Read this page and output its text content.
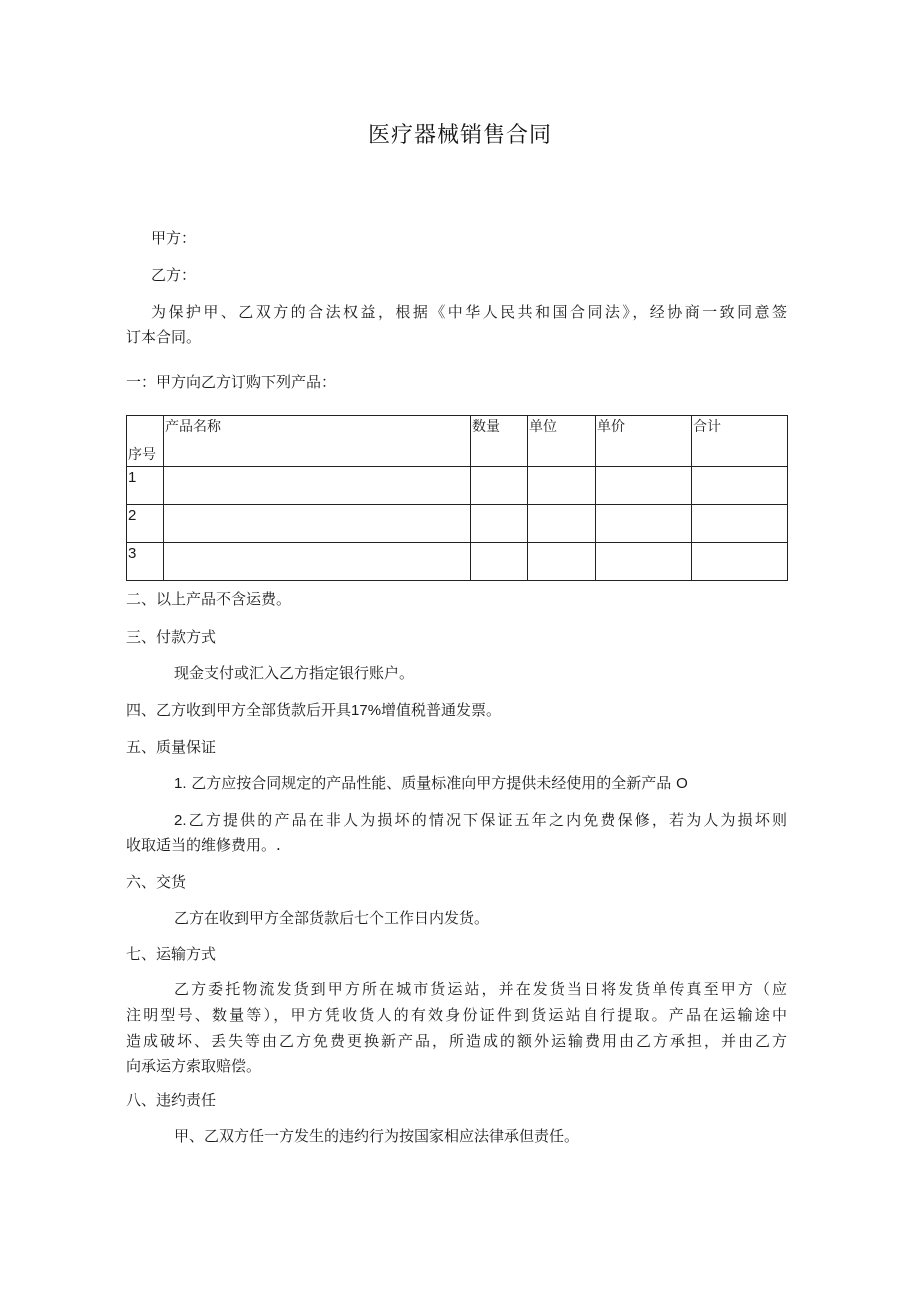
医疗器械销售合同
甲方：
乙方：
为保护甲、乙双方的合法权益，根据《中华人民共和国合同法》，经协商一致同意签
订本合同。
一：甲方向乙方订购下列产品：
序号	产品名称	数量	单位	单价	合计
1					
2					
3					
二、以上产品不含运费。
三、付款方式
现金支付或汇入乙方指定银行账户。
四、乙方收到甲方全部货款后开具17%增值税普通发票。
五、质量保证
1. 乙方应按合同规定的产品性能、质量标准向甲方提供未经使用的全新产品 O
2.乙方提供的产品在非人为损坏的情况下保证五年之内免费保修，若为人为损坏则
收取适当的维修费用。.
六、交货
乙方在收到甲方全部货款后七个工作日内发货。
七、运输方式
乙方委托物流发货到甲方所在城市货运站，并在发货当日将发货单传真至甲方（应
注明型号、数量等），甲方凭收货人的有效身份证件到货运站自行提取。产品在运输途中
造成破坏、丢失等由乙方免费更换新产品，所造成的额外运输费用由乙方承担，并由乙方
向承运方索取赔偿。
八、违约责任
甲、乙双方任一方发生的违约行为按国家相应法律承但责任。
